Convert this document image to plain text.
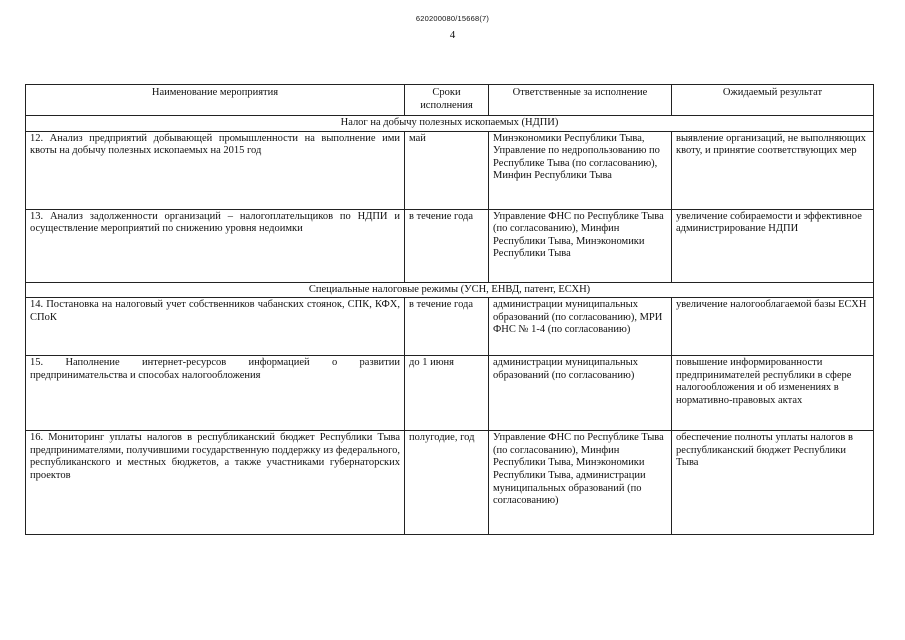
620200080/15668(7)
4
Наименование мероприятия	Сроки исполнения	Ответственные за исполнение	Ожидаемый результат
Налог на добычу полезных ископаемых (НДПИ)			
12. Анализ предприятий добывающей промышленности на выполнение ими квоты на добычу полезных ископаемых на 2015 год	май	Минэкономики Республики Тыва, Управление по недропользованию по Республике Тыва (по согласованию), Минфин Республики Тыва	выявление организаций, не выполняющих квоту, и принятие соответствующих мер
13. Анализ задолженности организаций – налогоплательщиков по НДПИ и осуществление мероприятий по снижению уровня недоимки	в течение года	Управление ФНС по Республике Тыва (по согласованию), Минфин Республики Тыва, Минэкономики Республики Тыва	увеличение собираемости и эффективное администрирование НДПИ
Специальные налоговые режимы (УСН, ЕНВД, патент, ЕСХН)			
14. Постановка на налоговый учет собственников чабанских стоянок, СПК, КФХ, СПоК	в течение года	администрации муниципальных образований (по согласованию), МРИ ФНС № 1-4 (по согласованию)	увеличение налогооблагаемой базы ЕСХН
15. Наполнение интернет-ресурсов информацией о развитии предпринимательства и способах налогообложения	до 1 июня	администрации муниципальных образований (по согласованию)	повышение информированности предпринимателей республики в сфере налогообложения и об изменениях в нормативно-правовых актах
16. Мониторинг уплаты налогов в республиканский бюджет Республики Тыва предпринимателями, получившими государственную поддержку из федерального, республиканского и местных бюджетов, а также участниками губернаторских проектов	полугодие, год	Управление ФНС по Республике Тыва (по согласованию), Минфин Республики Тыва, Минэкономики Республики Тыва, администрации муниципальных образований (по согласованию)	обеспечение полноты уплаты налогов в республиканский бюджет Республики Тыва
